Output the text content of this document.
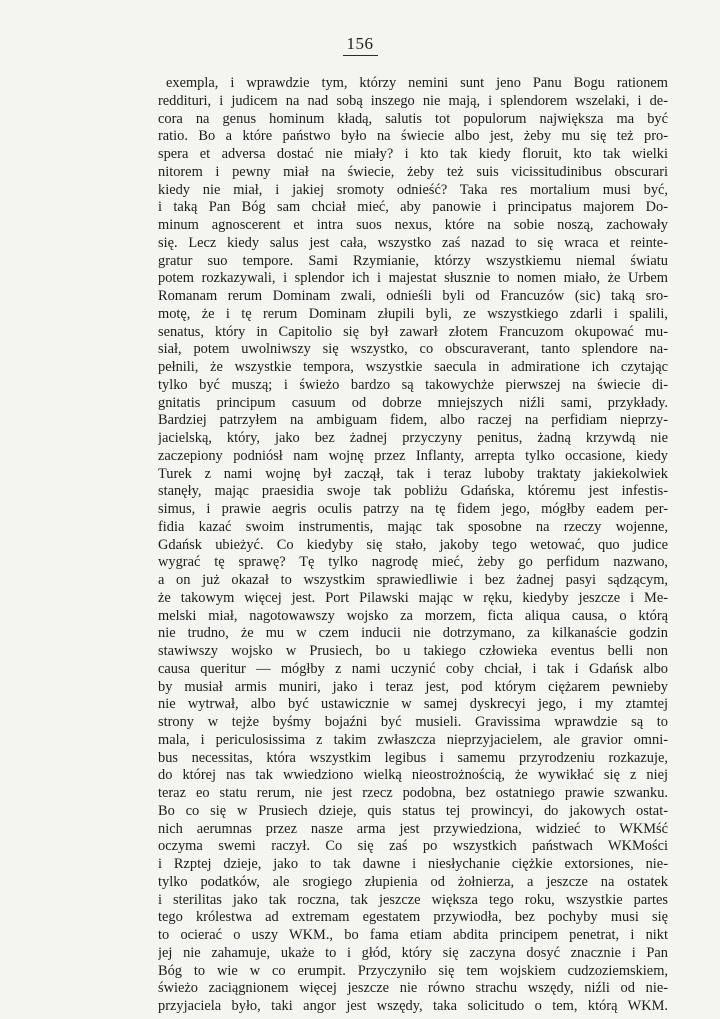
156
exempla, i wprawdzie tym, którzy nemini sunt jeno Panu Bogu rationem
reddituri, i judicem na nad sobą inszego nie mają, i splendorem wszelaki, i de-
cora na genus hominum kładą, salutis tot populorum największa ma być
ratio. Bo a które państwo było na świecie albo jest, żeby mu się też pro-
spera et adversa dostać nie miały? i kto tak kiedy floruit, kto tak wielki
nitorem i pewny miał na świecie, żeby też suis vicissitudinibus obscurari
kiedy nie miał, i jakiej sromoty odnieść? Taka res mortalium musi być,
i taką Pan Bóg sam chciał mieć, aby panowie i principatus majorem Do-
minum agnoscerent et intra suos nexus, które na sobie noszą, zachowały
się. Lecz kiedy salus jest cała, wszystko zaś nazad to się wraca et reinte-
gratur suo tempore. Sami Rzymianie, którzy wszystkiemu niemal światu
potem rozkazywali, i splendor ich i majestat słusznie to nomen miało, że Urbem
Romanam rerum Dominam zwali, odnieśli byli od Francuzów (sic) taką sro-
motę, że i tę rerum Dominam złupili byli, ze wszystkiego zdarli i spalili,
senatus, który in Capitolio się był zawarł złotem Francuzom okupować mu-
siał, potem uwolniwszy się wszystko, co obscuraverant, tanto splendore na-
pełnili, że wszystkie tempora, wszystkie saecula in admiratione ich czytając
tylko być muszą; i świeżo bardzo są takowychże pierwszej na świecie di-
gnitatis principum casuum od dobrze mniejszych niźli sami, przykłady.
Bardziej patrzyłem na ambiguam fidem, albo raczej na perfidiam nieprzy-
jacielską, który, jako bez żadnej przyczyny penitus, żadną krzywdą nie
zaczepiony podniósł nam wojnę przez Inflanty, arrepta tylko occasione, kiedy
Turek z nami wojnę był zaczął, tak i teraz luboby traktaty jakiekolwiek
stanęły, mając praesidia swoje tak pobliżu Gdańska, któremu jest infestis-
simus, i prawie aegris oculis patrzy na tę fidem jego, mógłby eadem per-
fidia kazać swoim instrumentis, mając tak sposobne na rzeczy wojenne,
Gdańsk ubieżyć. Co kiedyby się stało, jakoby tego wetować, quo judice
wygrać tę sprawę? Tę tylko nagrodę mieć, żeby go perfidum nazwano,
a on już okazał to wszystkim sprawiedliwie i bez żadnej pasyi sądzącym,
że takowym więcej jest. Port Pilawski mając w ręku, kiedyby jeszcze i Me-
melski miał, nagotowawszy wojsko za morzem, ficta aliqua causa, o którą
nie trudno, że mu w czem inducii nie dotrzymano, za kilkanaście godzin
stawiwszy wojsko w Prusiech, bo u takiego człowieka eventus belli non
causa queritur — mógłby z nami uczynić coby chciał, i tak i Gdańsk albo
by musiał armis muniri, jako i teraz jest, pod którym ciężarem pewnieby
nie wytrwał, albo być ustawicznie w samej dyskrecyi jego, i my ztamtej
strony w tejże byśmy bojaźni być musieli. Gravissima wprawdzie są to
mala, i periculosissima z takim zwłaszcza nieprzyjacielem, ale gravior omni-
bus necessitas, która wszystkim legibus i samemu przyrodzeniu rozkazuje,
do której nas tak wwiedziono wielką nieostrożnością, że wywikłać się z niej
teraz eo statu rerum, nie jest rzecz podobna, bez ostatniego prawie szwanku.
Bo co się w Prusiech dzieje, quis status tej prowincyi, do jakowych ostat-
nich aerumnas przez nasze arma jest przywiedziona, widzieć to WKMść
oczyma swemi raczył. Co się zaś po wszystkich państwach WKMości
i Rzptej dzieje, jako to tak dawne i niesłychanie ciężkie extorsiones, nie-
tylko podatków, ale srogiego złupienia od żołnierza, a jeszcze na ostatek
i sterilitas jako tak roczna, tak jeszcze większa tego roku, wszystkie partes
tego królestwa ad extremam egestatem przywiodła, bez pochyby musi się
to ocierać o uszy WKM., bo fama etiam abdita principem penetrat, i nikt
jej nie zahamuje, ukaże to i głód, który się zaczyna dosyć znacznie i Pan
Bóg to wie w co erumpit. Przyczyniło się tem wojskiem cudzoziemskiem,
świeżo zaciągnionem więcej jeszcze nie równo strachu wszędy, niźli od nie-
przyjaciela było, taki angor jest wszędy, taka solicitudo o tem, którą WKM.
